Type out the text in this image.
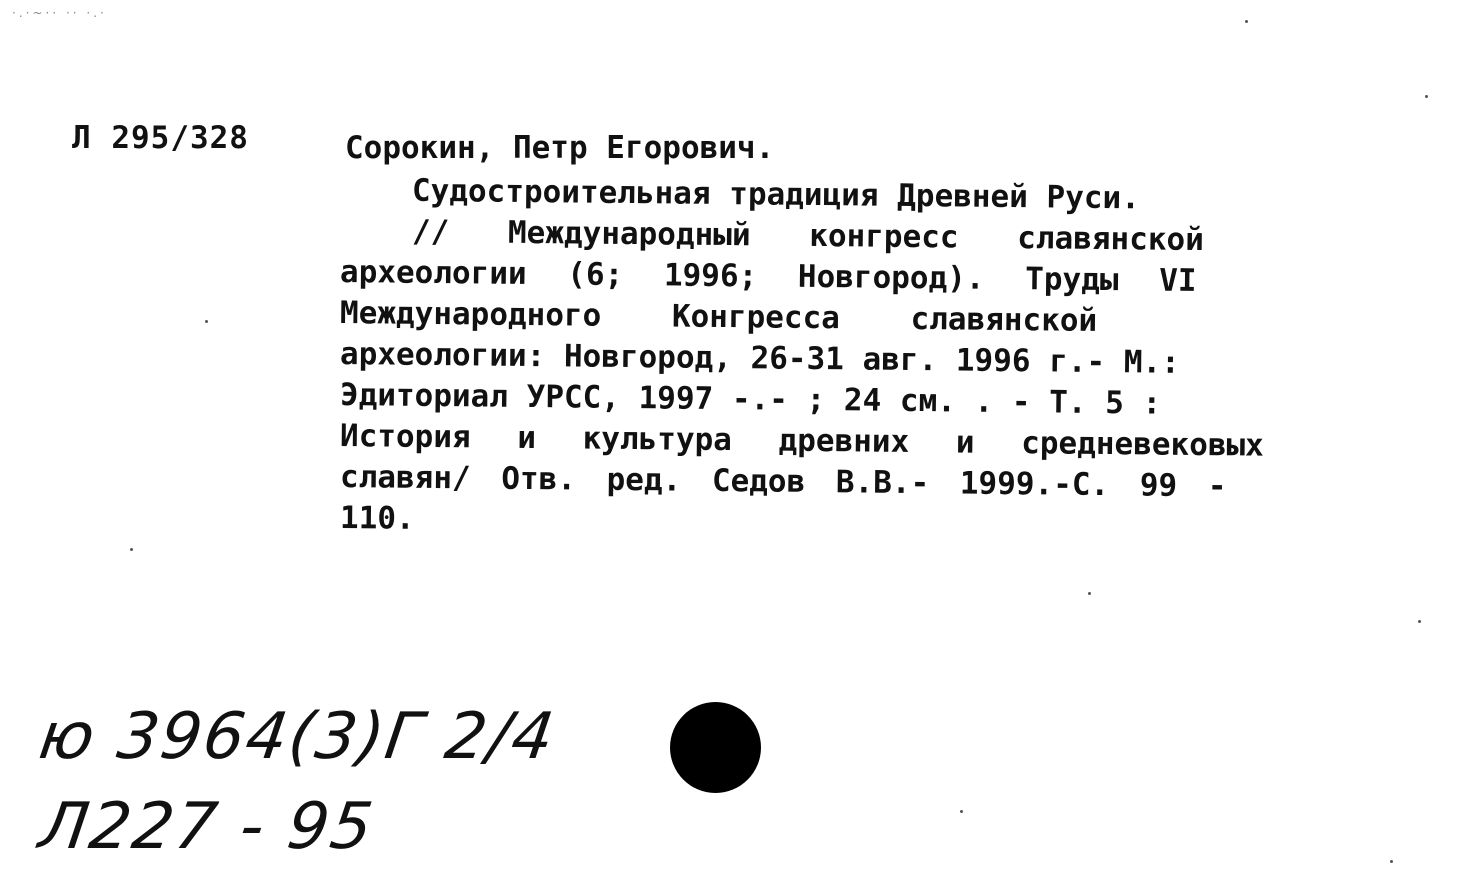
·.·~·· ·· ·.·
Л 295/328	Сорокин, Петр Егорович.
Судостроительная традиция Древней Руси.
// Международный конгресс славянской
археологии (6; 1996; Новгород). Труды VI
Международного Конгресса славянской
археологии: Новгород, 26-31 авг. 1996 г.- М.:
Эдиториал УРСС, 1997 -.- ; 24 см. . - Т. 5 :
История и культура древних и средневековых
славян/ Отв. ред. Седов В.В.- 1999.-С. 99 -
110.
ю 3964(3)Г 2/4
Л227 - 95
